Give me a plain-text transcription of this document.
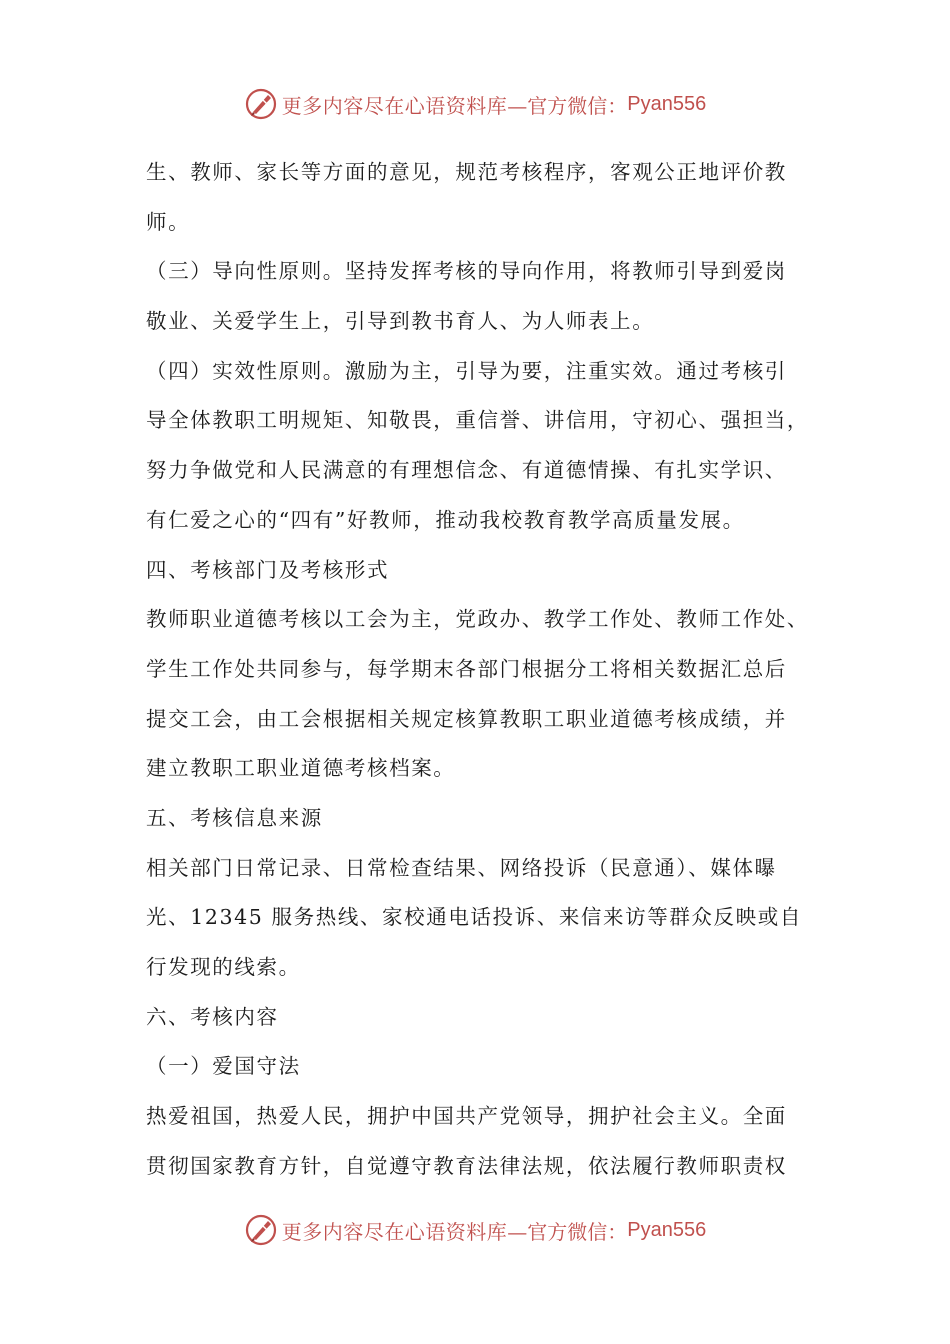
更多内容尽在心语资料库 —官方微信： Pyan556
生、教师、家长等方面的意见，规范考核程序，客观公正地评价教
师。
（三）导向性原则。坚持发挥考核的导向作用，将教师引导到爱岗
敬业、关爱学生上，引导到教书育人、为人师表上。
（四）实效性原则。激励为主，引导为要，注重实效。通过考核引
导全体教职工明规矩、知敬畏，重信誉、讲信用，守初心、强担当，
努力争做党和人民满意的有理想信念、有道德情操、有扎实学识、
有仁爱之心的“四有”好教师，推动我校教育教学高质量发展。
四、考核部门及考核形式
教师职业道德考核以工会为主，党政办、教学工作处、教师工作处、
学生工作处共同参与，每学期末各部门根据分工将相关数据汇总后
提交工会，由工会根据相关规定核算教职工职业道德考核成绩，并
建立教职工职业道德考核档案。
五、考核信息来源
相关部门日常记录、日常检查结果、网络投诉（民意通）、媒体曝
光、12345 服务热线、家校通电话投诉、来信来访等群众反映或自
行发现的线索。
六、考核内容
（一）爱国守法
热爱祖国，热爱人民，拥护中国共产党领导，拥护社会主义。全面
贯彻国家教育方针，自觉遵守教育法律法规，依法履行教师职责权
更多内容尽在心语资料库 —官方微信： Pyan556
